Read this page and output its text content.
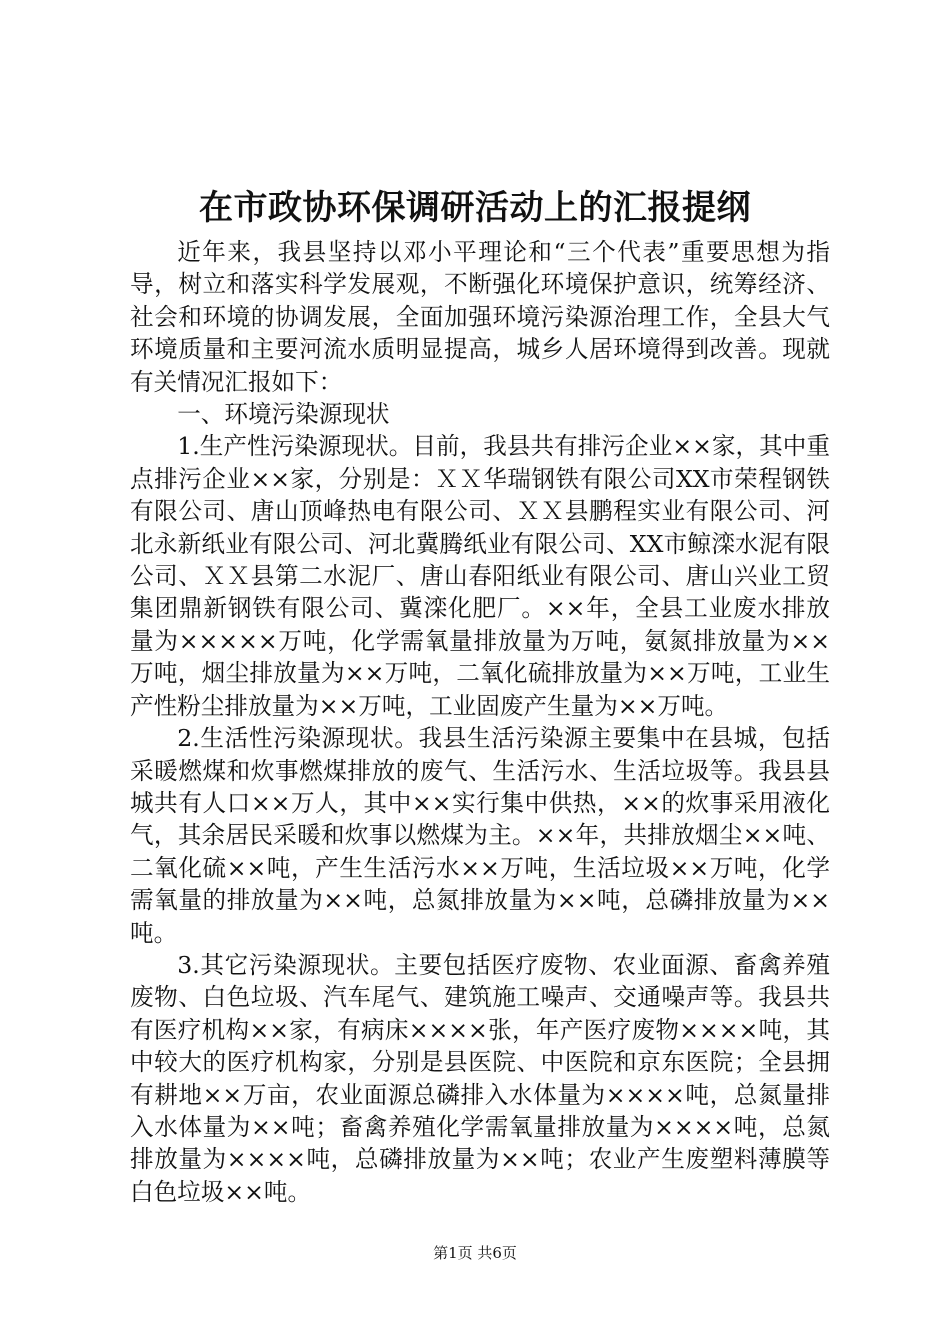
在市政协环保调研活动上的汇报提纲

近年来，我县坚持以邓小平理论和“三个代表”重要思想为指导，树立和落实科学发展观，不断强化环境保护意识，统筹经济、社会和环境的协调发展，全面加强环境污染源治理工作，全县大气环境质量和主要河流水质明显提高，城乡人居环境得到改善。现就有关情况汇报如下：

一、环境污染源现状

1.生产性污染源现状。目前，我县共有排污企业××家，其中重点排污企业××家，分别是：ＸＸ华瑞钢铁有限公司XX市荣程钢铁有限公司、唐山顶峰热电有限公司、ＸＸ县鹏程实业有限公司、河北永新纸业有限公司、河北冀腾纸业有限公司、XX市鲸滦水泥有限公司、ＸＸ县第二水泥厂、唐山春阳纸业有限公司、唐山兴业工贸集团鼎新钢铁有限公司、冀滦化肥厂。××年，全县工业废水排放量为×××××万吨，化学需氧量排放量为万吨，氨氮排放量为××万吨，烟尘排放量为××万吨，二氧化硫排放量为××万吨，工业生产性粉尘排放量为××万吨，工业固废产生量为××万吨。

2.生活性污染源现状。我县生活污染源主要集中在县城，包括采暖燃煤和炊事燃煤排放的废气、生活污水、生活垃圾等。我县县城共有人口××万人，其中××实行集中供热，××的炊事采用液化气，其余居民采暖和炊事以燃煤为主。××年，共排放烟尘××吨、二氧化硫××吨，产生生活污水××万吨，生活垃圾××万吨，化学需氧量的排放量为××吨，总氮排放量为××吨，总磷排放量为××吨。

3.其它污染源现状。主要包括医疗废物、农业面源、畜禽养殖废物、白色垃圾、汽车尾气、建筑施工噪声、交通噪声等。我县共有医疗机构××家，有病床××××张，年产医疗废物××××吨，其中较大的医疗机构家，分别是县医院、中医院和京东医院；全县拥有耕地××万亩，农业面源总磷排入水体量为××××吨，总氮量排入水体量为××吨；畜禽养殖化学需氧量排放量为××××吨，总氮排放量为××××吨，总磷排放量为××吨；农业产生废塑料薄膜等白色垃圾××吨。

第1页 共6页
